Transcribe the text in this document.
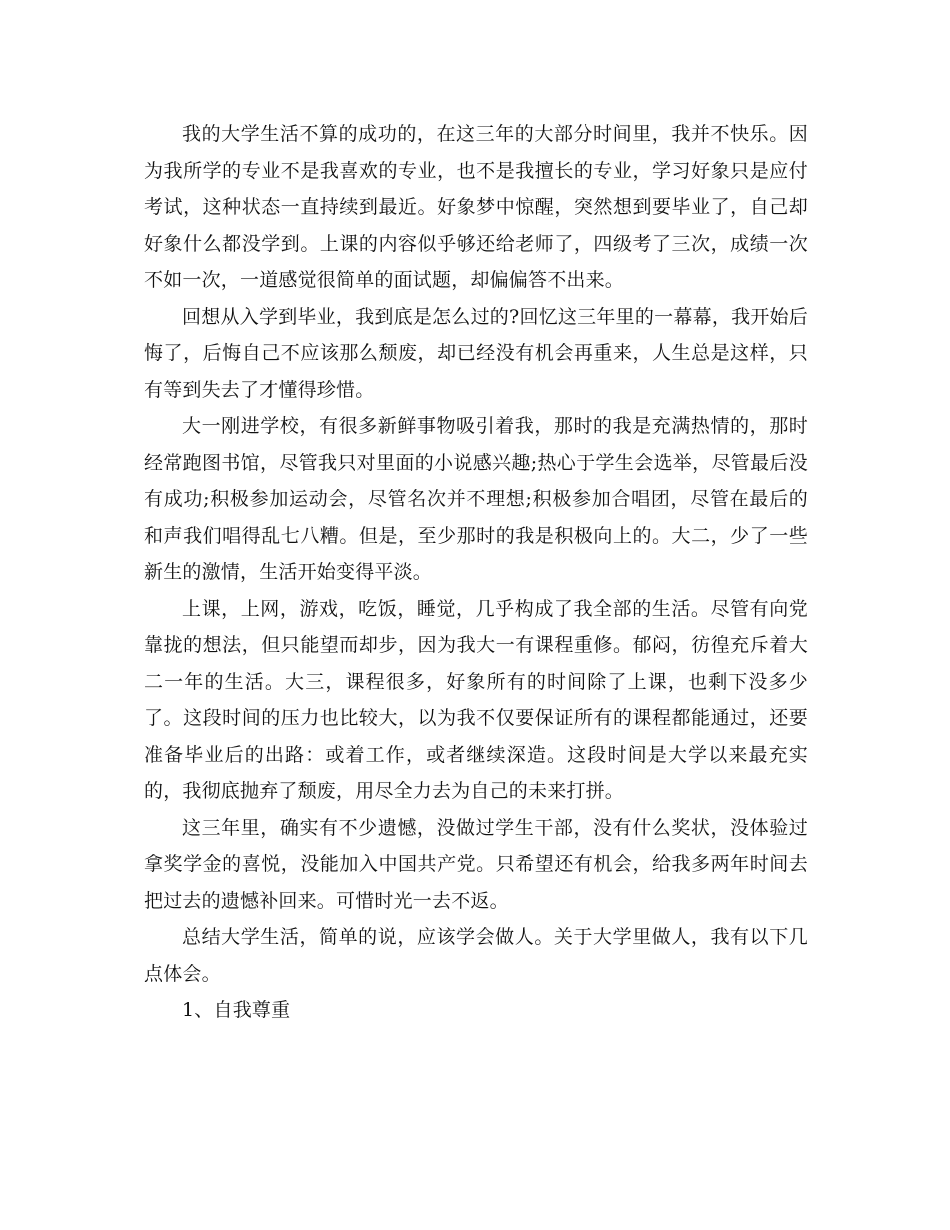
我的大学生活不算的成功的，在这三年的大部分时间里，我并不快乐。因为我所学的专业不是我喜欢的专业，也不是我擅长的专业，学习好象只是应付考试，这种状态一直持续到最近。好象梦中惊醒，突然想到要毕业了，自己却好象什么都没学到。上课的内容似乎够还给老师了，四级考了三次，成绩一次不如一次，一道感觉很简单的面试题，却偏偏答不出来。

回想从入学到毕业，我到底是怎么过的?回忆这三年里的一幕幕，我开始后悔了，后悔自己不应该那么颓废，却已经没有机会再重来，人生总是这样，只有等到失去了才懂得珍惜。

大一刚进学校，有很多新鲜事物吸引着我，那时的我是充满热情的，那时经常跑图书馆，尽管我只对里面的小说感兴趣;热心于学生会选举，尽管最后没有成功;积极参加运动会，尽管名次并不理想;积极参加合唱团，尽管在最后的和声我们唱得乱七八糟。但是，至少那时的我是积极向上的。大二，少了一些新生的激情，生活开始变得平淡。

上课，上网，游戏，吃饭，睡觉，几乎构成了我全部的生活。尽管有向党靠拢的想法，但只能望而却步，因为我大一有课程重修。郁闷，彷徨充斥着大二一年的生活。大三，课程很多，好象所有的时间除了上课，也剩下没多少了。这段时间的压力也比较大，以为我不仅要保证所有的课程都能通过，还要准备毕业后的出路：或着工作，或者继续深造。这段时间是大学以来最充实的，我彻底抛弃了颓废，用尽全力去为自己的未来打拼。

这三年里，确实有不少遗憾，没做过学生干部，没有什么奖状，没体验过拿奖学金的喜悦，没能加入中国共产党。只希望还有机会，给我多两年时间去把过去的遗憾补回来。可惜时光一去不返。

总结大学生活，简单的说，应该学会做人。关于大学里做人，我有以下几点体会。

1、自我尊重
